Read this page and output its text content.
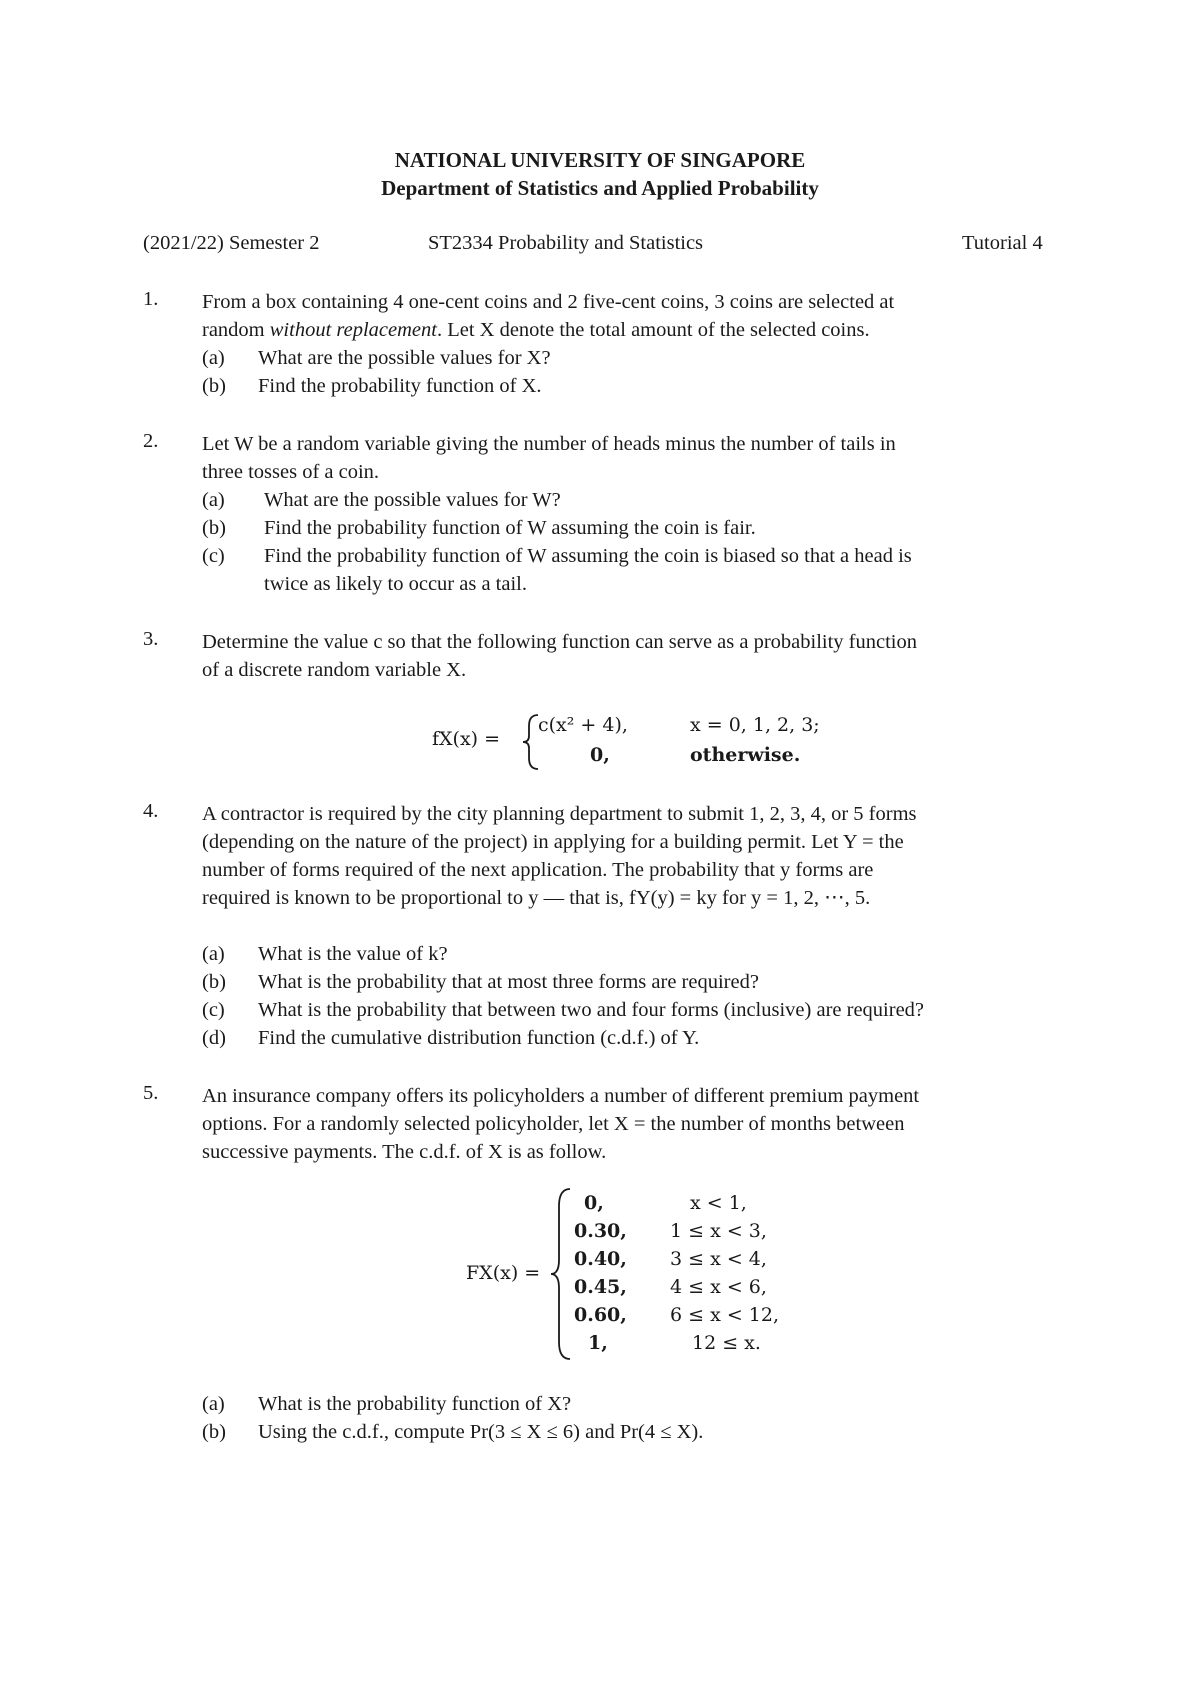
NATIONAL UNIVERSITY OF SINGAPORE
Department of Statistics and Applied Probability
(2021/22) Semester 2	ST2334 Probability and Statistics	Tutorial 4
1. From a box containing 4 one-cent coins and 2 five-cent coins, 3 coins are selected at
random without replacement. Let X denote the total amount of the selected coins.
(a) What are the possible values for X?
(b) Find the probability function of X.
2. Let W be a random variable giving the number of heads minus the number of tails in
three tosses of a coin.
(a) What are the possible values for W?
(b) Find the probability function of W assuming the coin is fair.
(c) Find the probability function of W assuming the coin is biased so that a head is
twice as likely to occur as a tail.
3. Determine the value c so that the following function can serve as a probability function
of a discrete random variable X.
fX(x) =
c(x² + 4),	x = 0, 1, 2, 3;
0,	otherwise.
4. A contractor is required by the city planning department to submit 1, 2, 3, 4, or 5 forms
(depending on the nature of the project) in applying for a building permit. Let Y = the
number of forms required of the next application. The probability that y forms are
required is known to be proportional to y — that is, fY(y) = ky for y = 1, 2, ⋯, 5.
(a) What is the value of k?
(b) What is the probability that at most three forms are required?
(c) What is the probability that between two and four forms (inclusive) are required?
(d) Find the cumulative distribution function (c.d.f.) of Y.
5. An insurance company offers its policyholders a number of different premium payment
options. For a randomly selected policyholder, let X = the number of months between
successive payments. The c.d.f. of X is as follow.
FX(x) =
0,	x < 1,
0.30, 1 ≤ x < 3,
0.40, 3 ≤ x < 4,
0.45, 4 ≤ x < 6,
0.60, 6 ≤ x < 12,
1,	12 ≤ x.
(a) What is the probability function of X?
(b) Using the c.d.f., compute Pr(3 ≤ X ≤ 6) and Pr(4 ≤ X).
